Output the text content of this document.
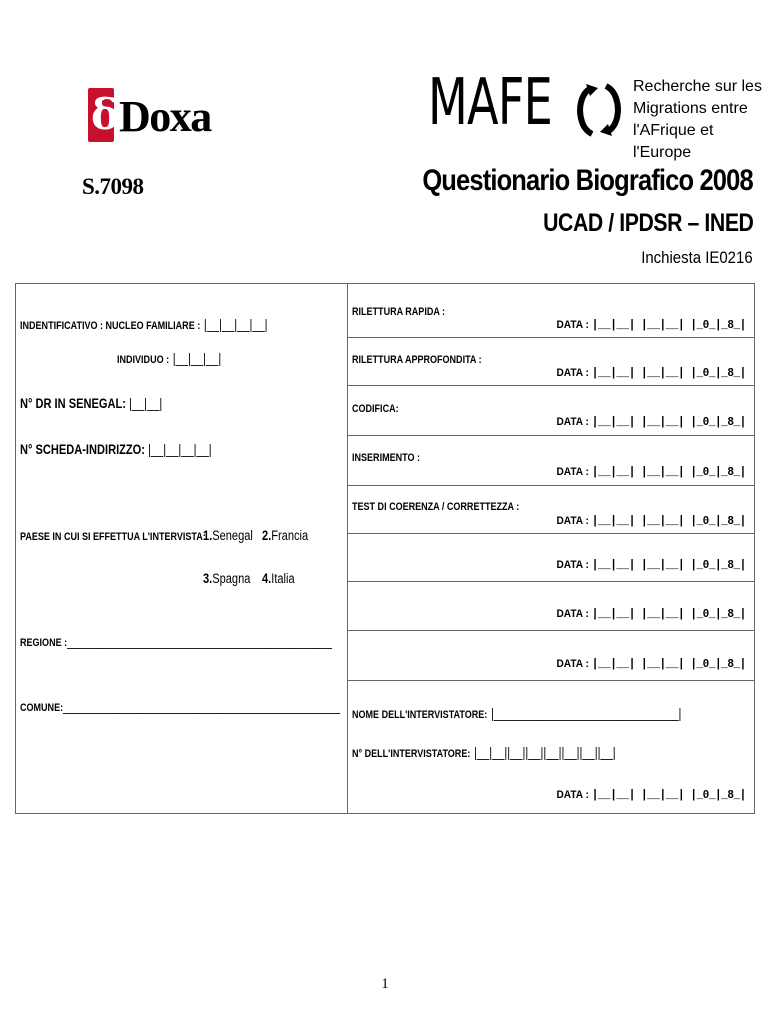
δ Doxa
S.7098
MAFE	Recherche sur les
Migrations entre
l'AFrique et l'Europe
Questionario Biografico 2008
UCAD / IPDSR – INED
Inchiesta IE0216
INDENTIFICATIVO : NUCLEO FAMILIARE : |__|__|__|__|
INDIVIDUO : |__|__|__|
N° DR IN SENEGAL: |__|__|
N° SCHEDA-INDIRIZZO: |__|__|__|__|
PAESE IN CUI SI EFFETTUA L'INTERVISTA:
1.Senegal 2.Francia
3.Spagna 4.Italia
REGIONE :___________________________________________
COMUNE:_____________________________________________
RILETTURA RAPIDA :
DATA : |__|__| |__|__| |_0_|_8_|
RILETTURA APPROFONDITA :
DATA : |__|__| |__|__| |_0_|_8_|
CODIFICA:
DATA : |__|__| |__|__| |_0_|_8_|
INSERIMENTO :
DATA : |__|__| |__|__| |_0_|_8_|
TEST DI COERENZA / CORRETTEZZA :
DATA : |__|__| |__|__| |_0_|_8_|
DATA : |__|__| |__|__| |_0_|_8_|
DATA : |__|__| |__|__| |_0_|_8_|
DATA : |__|__| |__|__| |_0_|_8_|
NOME DELL'INTERVISTATORE: |______________________________|
N° DELL'INTERVISTATORE: |__|__||__||__||__||__||__||__|
DATA : |__|__| |__|__| |_0_|_8_|
1
